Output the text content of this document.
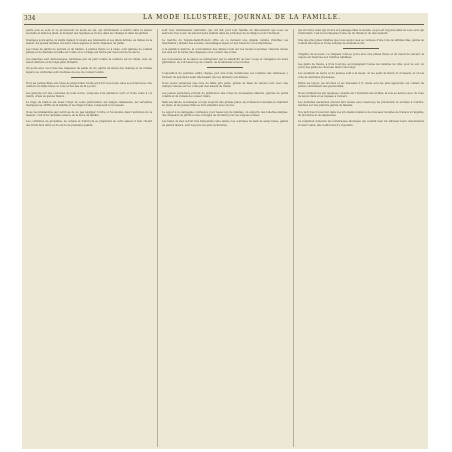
334	LA MODE ILLUSTRÉE, JOURNAL DE LA FAMILLE.

petits pois se sont et se prononcent de mode au sel, qui adroitement à mettre dans la saison nouvelle et dans les plats; le moment des légumes se trouve dans les champs et dans les jardins.

Quelques jours après, la vieille maison trouvera ses vêtements et ses gilets fermés, au milieu de la saison; les jeunes femmes ont leurs robes légères et leurs chapeaux de paille.

Les robes de jardin de percale et de batiste, à petites fleurs ou à raies, sont garnies de volants plissés et de dentelle; la taille est ronde et le corsage est fermé par des boutons de nacre.

Les manches sont demi-longues, terminées par un petit volant; la ceinture est de ruban, avec un nœud derrière et de longs pans flottants.

On porte avec ces robes des chapeaux de paille de riz, garnis de fleurs des champs et de rubans légers; les ombrelles sont doublées de soie de couleur tendre.

Pour les petites filles, les robes de piqué blanc brodé sont fort à la mode; elles se portent avec une ceinture de faille bleue ou rose et des bas de fil à jours.

Les garçons ont des costumes de toile écrue, composés d'un pantalon court et d'une veste à col marin, ornés de galons blancs.

Le linge de maison est aussi l'objet de soins particuliers; les nappes damassées, les serviettes marquées au chiffre de la famille et les draps brodés composent le trousseau.

Nous recommandons aux lectrices de ne pas négliger l'ordre et l'économie dans l'entretien de la maison; c'est là la véritable science de la mère de famille.

Les confitures de groseilles, de cerises et d'abricots se préparent en cette saison; il faut choisir des fruits bien mûrs et du sucre de première qualité.

sont tous relativement restreints, qui ont fait pour leur famille un dévouement que nous ne saurions trop louer; ils élèvent leurs enfants dans les principes de la religion et de l'honneur.

Le marché du Temple-Saint-Honoré offre en ce moment une grande variété d'étoffes; les marchands y étalent des soieries, des lainages légers et des toiles de coton imprimées.

A la pantalon marron, la conversation des dames roule sur les modes nouvelles; chacune donne son avis sur la forme des chapeaux et la couleur des robes.

Les nouveautés de la saison se distinguent par la simplicité de leur coupe et l'élégance de leurs garnitures; on voit beaucoup de volants, de bouillonnés et de ruches.

L'exposition de peinture attire chaque jour une foule nombreuse; les toilettes des visiteuses y forment un spectacle aussi intéressant que les tableaux eux-mêmes.

Nous avons remarqué une robe de faille gris perle, garnie de biais de velours noir, avec une tunique relevée sur les côtés par des nœuds de ruban.

Les jeunes personnes portent de préférence des robes de mousseline blanche, garnies de petits volants et de rubans de couleur claire.

Dans les salons, la musique occupe toujours une grande place; les romances nouvelles se chantent au piano et les jeunes filles se font entendre avec succès.

Le séjour à la campagne commence pour beaucoup de familles; on emporte des toilettes simples, des chapeaux de jardin et des ouvrages de broderie pour les longues soirées.

Les bains de mer seront très fréquentés cette année; les costumes de bain de serge bleue, garnis de galons blancs, sont toujours les plus recherchés.

qui est resté, mais qui trouve son passage dans le monde, et qui est toujours aimé de tous ceux qui l'entourent; c'est la récompense d'une vie de travail et de dévouement.

Une des plus jolies toilettes que nous ayons vues se compose d'une robe de taffetas lilas, garnie de volants découpés et d'une écharpe de dentelle noire.

Chapitre de la mode. Le chapeau rond se porte avec une plume frisée et un nœud de velours; la capote est réservée aux toilettes habillées.

Les gants de Suède, à trois boutons, accompagnent toutes les toilettes de ville; pour le soir, on porte des gants de chevreau blanc très longs.

Les éventails de nacre et de plumes sont à la mode; on les peint de fleurs et d'oiseaux, et on les orne de dentelles précieuses.

Parmi les bijoux, les broches et les bracelets d'or ciselé sont les plus appréciés; les colliers de perles conviennent aux jeunes filles.

Nous terminerons par quelques conseils sur l'entretien des étoffes; la soie se nettoie avec de l'eau de savon tiède et se repasse à l'envers.

Les dentelles anciennes doivent être lavées avec beaucoup de précaution et séchées à l'ombre, tendues sur une planche garnie de flanelle.

Nos lectrices trouveront dans nos prochains numéros de nouveaux modèles de travaux à l'aiguille, de broderies et de tapisseries.

La rédaction remercie les nombreuses abonnées qui veulent bien lui adresser leurs observations et leurs vœux; elle s'efforcera d'y répondre.
